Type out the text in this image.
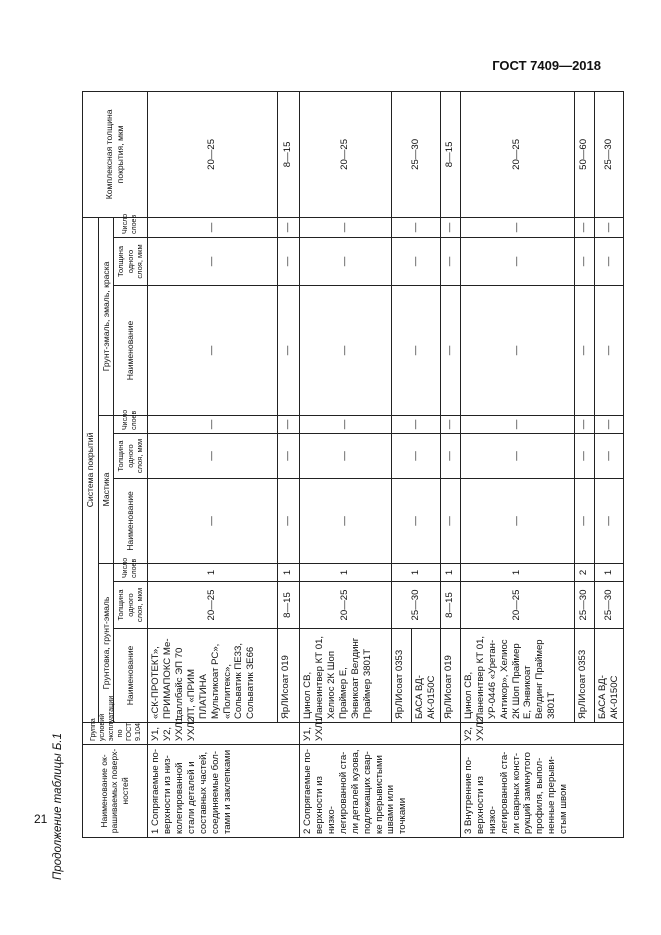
ГОСТ 7409—2018
Продолжение таблицы Б.1	Наименование окрашиваемых поверхностей	Группа условий эксплуатации по ГОСТ 9.104	Система покрытий									Комплексная толщина покрытия, мкм
		Грунтовка, грунт-эмаль			Мастика			Грунт-эмаль, эмаль, краска			
		Наименование	Толщина одного слоя, мкм	Число слоев	Наименование	Толщина одного слоя, мкм	Число слоев	Наименование	Толщина одного слоя, мкм	Число слоев	
1 Сопрягаемые поверхности из низколегированной стали деталей и составных частей, соединяемые болтами и заклепками	У1, У2, УХЛ1, УХЛ2	«СК-ПРОТЕКТ», ПРИМАПОКС Металлбайс ЭП 70 ЛТ, «ПРИМ ПЛАТИНА Мультикоат РС», «Политекс», Сольватик ПЕ33, Сольватик ЗЕ66	20—25	1	—	—	—	—	—	—	20—25
		ЯрЛИсоат 019	8—15	1	—	—	—	—	—	—	8—15
2 Сопрягаемые поверхности из низколегированной стали деталей кузова, подлежащих сварке прерывистыми швами или точками	У1, УХЛ1	Цинол СВ, Ланеинтвер КТ 01, Хелиос 2К Шоп Праймер Е, Энвикоат Велдинг Праймер 3801Т	20—25	1	—	—	—	—	—	—	20—25
		ЯрЛИсоат 0353	25—30	1	—	—	—	—	—	—	25—30
		БАСА ВД-АК-0150С									
		ЯрЛИсоат 019	8—15	1	—	—	—	—	—	—	8—15
3 Внутренние поверхности из низколегированной стали сварных конструкций замкнутого профиля, выполненные прерывистым швом	У2, УХЛ2	Цинол СВ, Ланеинтвер КТ 01, УР-0446 «Уретан-Антикор», Хелиос 2К Шоп Праймер Е, Энвикоат Велдинг Праймер 3801Т	20—25	1	—	—	—	—	—	—	20—25
		ЯрЛИсоат 0353	25—30	2	—	—	—	—	—	—	50—60
		БАСА ВД-АК-0150С	25—30	1	—	—	—	—	—	—	25—30
21
